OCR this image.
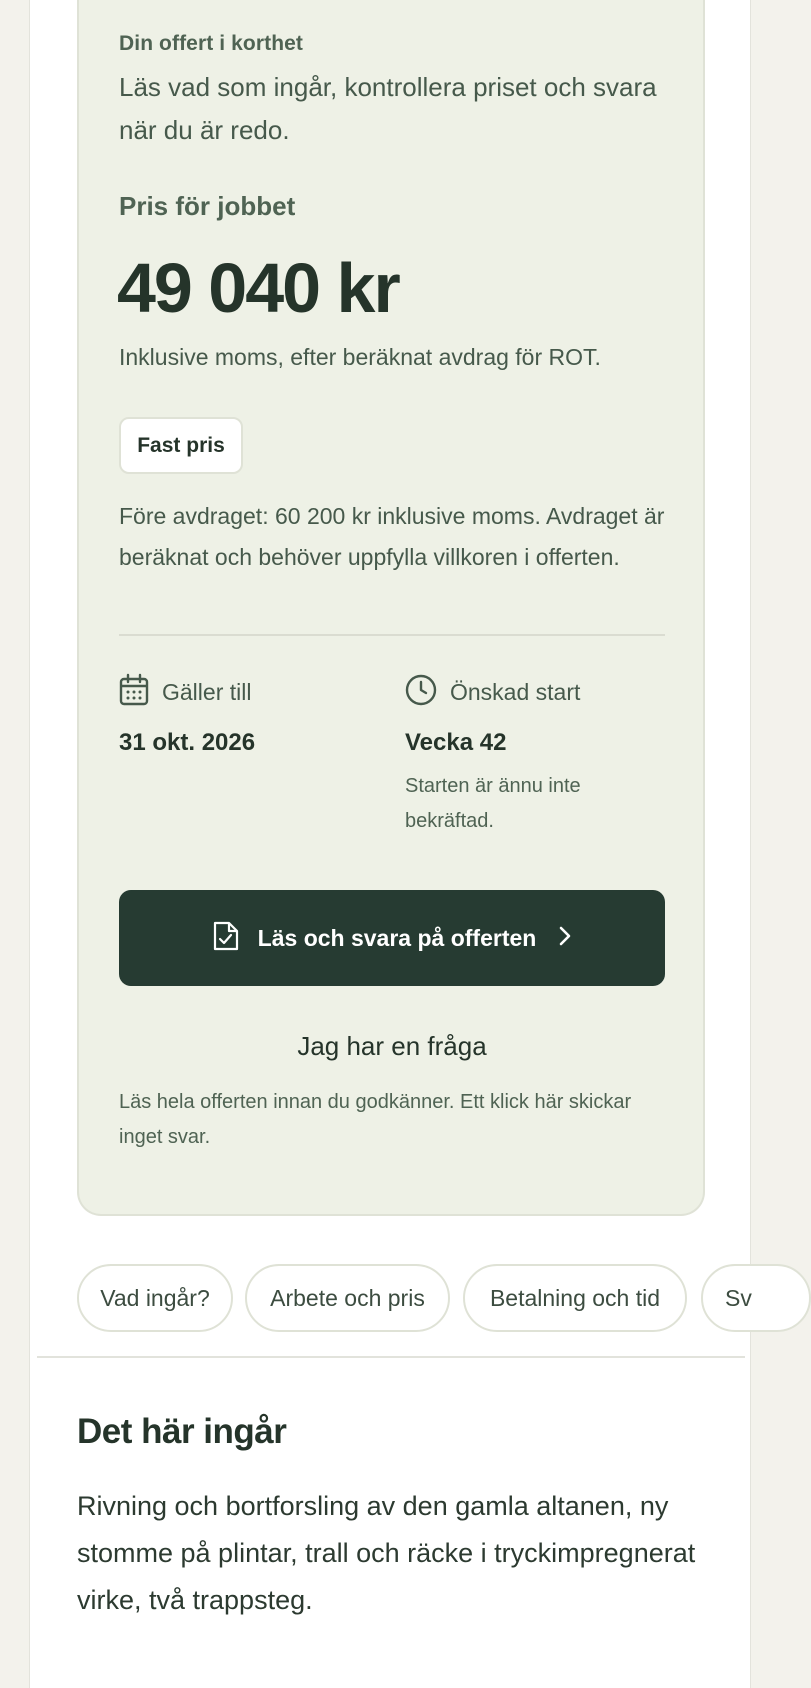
Din offert i korthet
Läs vad som ingår, kontrollera priset och svara när du är redo.
Pris för jobbet
49 040 kr
Inklusive moms, efter beräknat avdrag för ROT.
Fast pris
Före avdraget: 60 200 kr inklusive moms. Avdraget är beräknat och behöver uppfylla villkoren i offerten.
Gäller till
31 okt. 2026
Önskad start
Vecka 42
Starten är ännu inte bekräftad.
Läs och svara på offerten
Jag har en fråga
Läs hela offerten innan du godkänner. Ett klick här skickar inget svar.
Vad ingår?	Arbete och pris	Betalning och tid	Sv
Det här ingår
Rivning och bortforsling av den gamla altanen, ny stomme på plintar, trall och räcke i tryckimpregnerat virke, två trappsteg.
